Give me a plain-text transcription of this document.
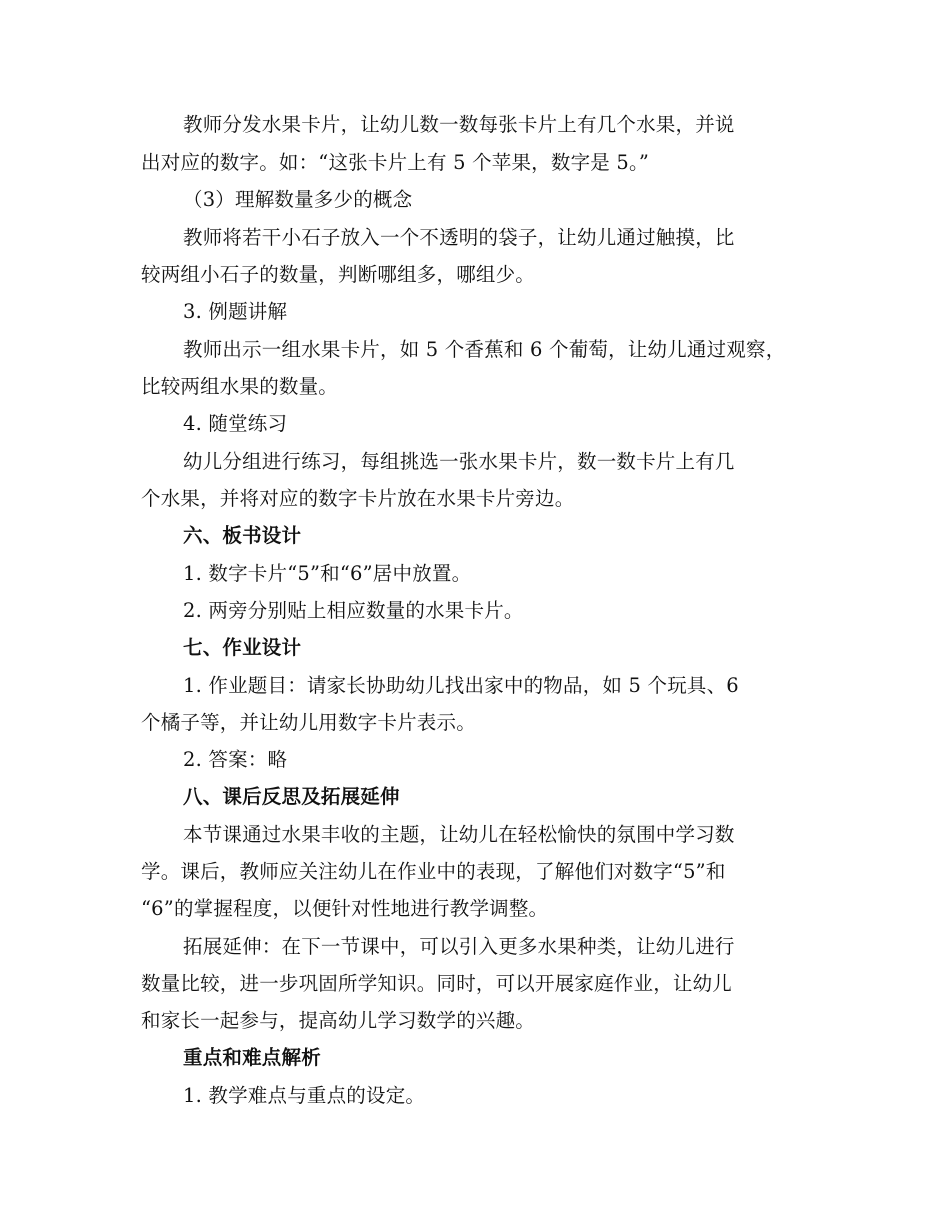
教师分发水果卡片，让幼儿数一数每张卡片上有几个水果，并说
出对应的数字。如：“这张卡片上有 5 个苹果，数字是 5。”
（3）理解数量多少的概念
教师将若干小石子放入一个不透明的袋子，让幼儿通过触摸，比
较两组小石子的数量，判断哪组多，哪组少。
3. 例题讲解
教师出示一组水果卡片，如 5 个香蕉和 6 个葡萄，让幼儿通过观察，
比较两组水果的数量。
4. 随堂练习
幼儿分组进行练习，每组挑选一张水果卡片，数一数卡片上有几
个水果，并将对应的数字卡片放在水果卡片旁边。
六、板书设计
1. 数字卡片“5”和“6”居中放置。
2. 两旁分别贴上相应数量的水果卡片。
七、作业设计
1. 作业题目：请家长协助幼儿找出家中的物品，如 5 个玩具、6
个橘子等，并让幼儿用数字卡片表示。
2. 答案：略
八、课后反思及拓展延伸
本节课通过水果丰收的主题，让幼儿在轻松愉快的氛围中学习数
学。课后，教师应关注幼儿在作业中的表现，了解他们对数字“5”和
“6”的掌握程度，以便针对性地进行教学调整。
拓展延伸：在下一节课中，可以引入更多水果种类，让幼儿进行
数量比较，进一步巩固所学知识。同时，可以开展家庭作业，让幼儿
和家长一起参与，提高幼儿学习数学的兴趣。
重点和难点解析
1. 教学难点与重点的设定。
